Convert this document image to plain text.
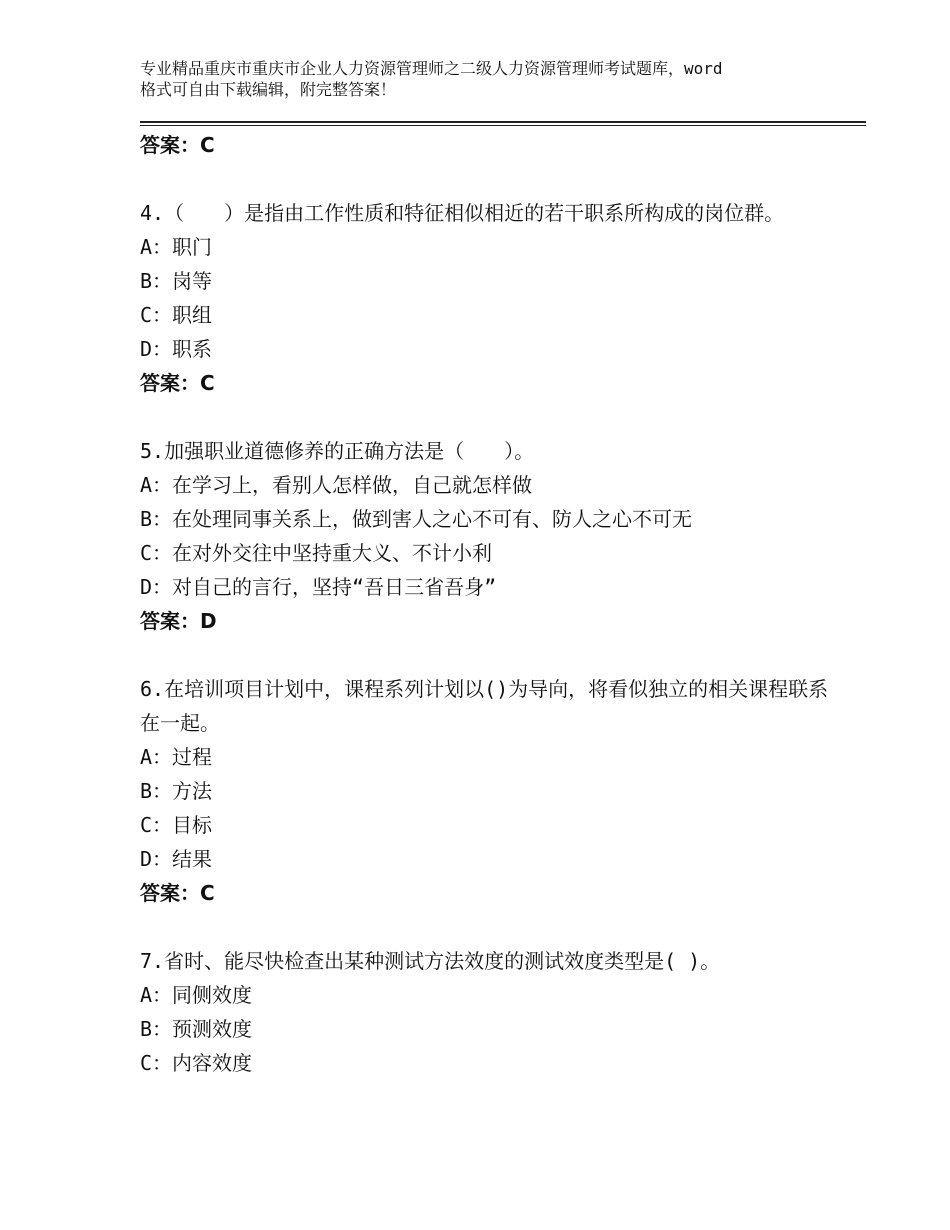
专业精品重庆市重庆市企业人力资源管理师之二级人力资源管理师考试题库，word
格式可自由下载编辑，附完整答案！
答案：C
4.（　　）是指由工作性质和特征相似相近的若干职系所构成的岗位群。
A：职门
B：岗等
C：职组
D：职系
答案：C
5.加强职业道德修养的正确方法是（　　）。
A：在学习上，看别人怎样做，自己就怎样做
B：在处理同事关系上，做到害人之心不可有、防人之心不可无
C：在对外交往中坚持重大义、不计小利
D：对自己的言行，坚持“吾日三省吾身”
答案：D
6.在培训项目计划中，课程系列计划以()为导向，将看似独立的相关课程联系在一起。
A：过程
B：方法
C：目标
D：结果
答案：C
7.省时、能尽快检查出某种测试方法效度的测试效度类型是( )。
A：同侧效度
B：预测效度
C：内容效度
